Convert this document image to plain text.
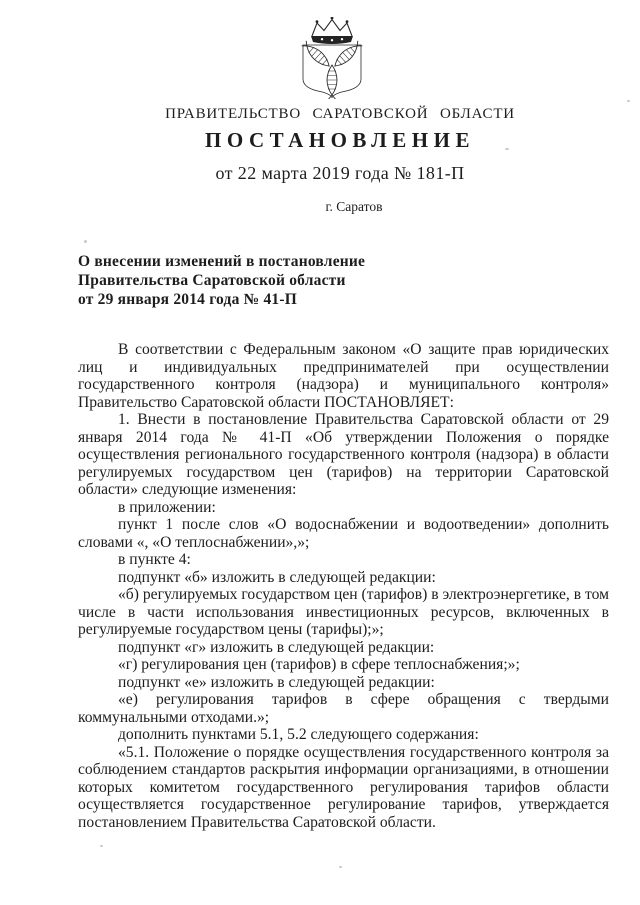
ПРАВИТЕЛЬСТВО САРАТОВСКОЙ ОБЛАСТИ
ПОСТАНОВЛЕНИЕ
от 22 марта 2019 года № 181-П
г. Саратов
О внесении изменений в постановление
Правительства Саратовской области
от 29 января 2014 года № 41-П

В соответствии с Федеральным законом «О защите прав юридических лиц и индивидуальных предпринимателей при осуществлении государственного контроля (надзора) и муниципального контроля» Правительство Саратовской области ПОСТАНОВЛЯЕТ:

1. Внести в постановление Правительства Саратовской области от 29 января 2014 года № 41-П «Об утверждении Положения о порядке осуществления регионального государственного контроля (надзора) в области регулируемых государством цен (тарифов) на территории Саратовской области» следующие изменения:

в приложении:

пункт 1 после слов «О водоснабжении и водоотведении» дополнить словами «, «О теплоснабжении»,»;

в пункте 4:

подпункт «б» изложить в следующей редакции:

«б) регулируемых государством цен (тарифов) в электроэнергетике, в том числе в части использования инвестиционных ресурсов, включенных в регулируемые государством цены (тарифы);»;

подпункт «г» изложить в следующей редакции:

«г) регулирования цен (тарифов) в сфере теплоснабжения;»;

подпункт «е» изложить в следующей редакции:

«е) регулирования тарифов в сфере обращения с твердыми коммунальными отходами.»;

дополнить пунктами 5.1, 5.2 следующего содержания:

«5.1. Положение о порядке осуществления государственного контроля за соблюдением стандартов раскрытия информации организациями, в отношении которых комитетом государственного регулирования тарифов области осуществляется государственное регулирование тарифов, утверждается постановлением Правительства Саратовской области.
